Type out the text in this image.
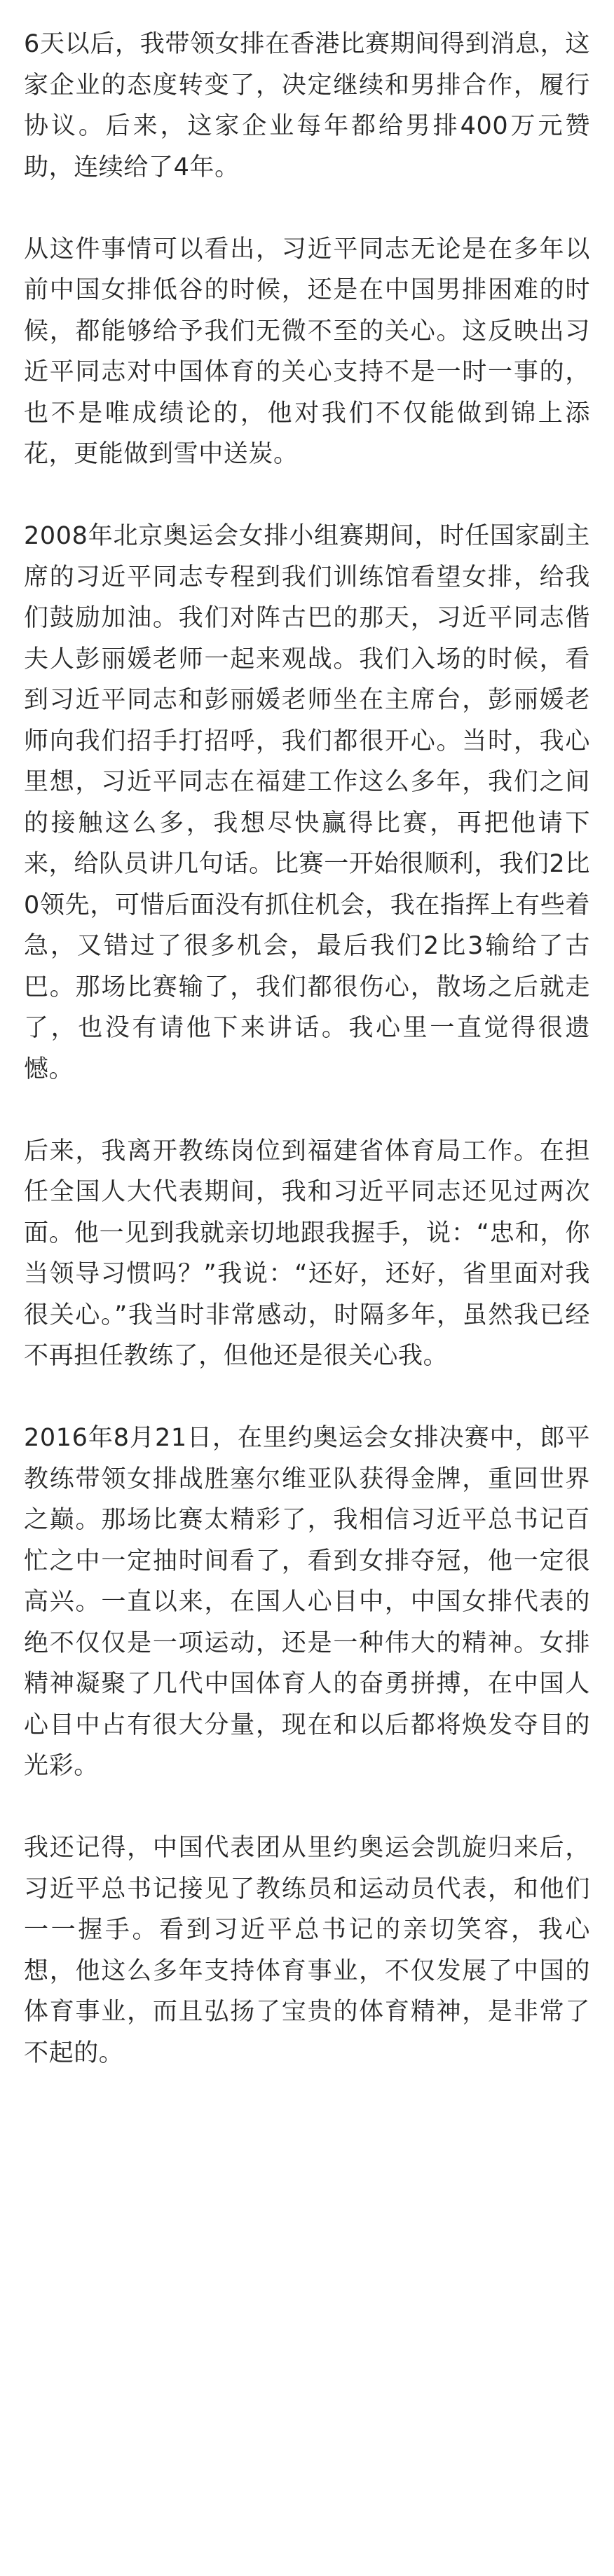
6天以后，我带领女排在香港比赛期间得到消息，这家企业的态度转变了，决定继续和男排合作，履行协议。后来，这家企业每年都给男排400万元赞助，连续给了4年。

从这件事情可以看出，习近平同志无论是在多年以前中国女排低谷的时候，还是在中国男排困难的时候，都能够给予我们无微不至的关心。这反映出习近平同志对中国体育的关心支持不是一时一事的，也不是唯成绩论的，他对我们不仅能做到锦上添花，更能做到雪中送炭。

2008年北京奥运会女排小组赛期间，时任国家副主席的习近平同志专程到我们训练馆看望女排，给我们鼓励加油。我们对阵古巴的那天，习近平同志偕夫人彭丽媛老师一起来观战。我们入场的时候，看到习近平同志和彭丽媛老师坐在主席台，彭丽媛老师向我们招手打招呼，我们都很开心。当时，我心里想，习近平同志在福建工作这么多年，我们之间的接触这么多，我想尽快赢得比赛，再把他请下来，给队员讲几句话。比赛一开始很顺利，我们2比0领先，可惜后面没有抓住机会，我在指挥上有些着急，又错过了很多机会，最后我们2比3输给了古巴。那场比赛输了，我们都很伤心，散场之后就走了，也没有请他下来讲话。我心里一直觉得很遗憾。

后来，我离开教练岗位到福建省体育局工作。在担任全国人大代表期间，我和习近平同志还见过两次面。他一见到我就亲切地跟我握手，说：“忠和，你当领导习惯吗？”我说：“还好，还好，省里面对我很关心。”我当时非常感动，时隔多年，虽然我已经不再担任教练了，但他还是很关心我。

2016年8月21日，在里约奥运会女排决赛中，郎平教练带领女排战胜塞尔维亚队获得金牌，重回世界之巅。那场比赛太精彩了，我相信习近平总书记百忙之中一定抽时间看了，看到女排夺冠，他一定很高兴。一直以来，在国人心目中，中国女排代表的绝不仅仅是一项运动，还是一种伟大的精神。女排精神凝聚了几代中国体育人的奋勇拼搏，在中国人心目中占有很大分量，现在和以后都将焕发夺目的光彩。

我还记得，中国代表团从里约奥运会凯旋归来后，习近平总书记接见了教练员和运动员代表，和他们一一握手。看到习近平总书记的亲切笑容，我心想，他这么多年支持体育事业，不仅发展了中国的体育事业，而且弘扬了宝贵的体育精神，是非常了不起的。
